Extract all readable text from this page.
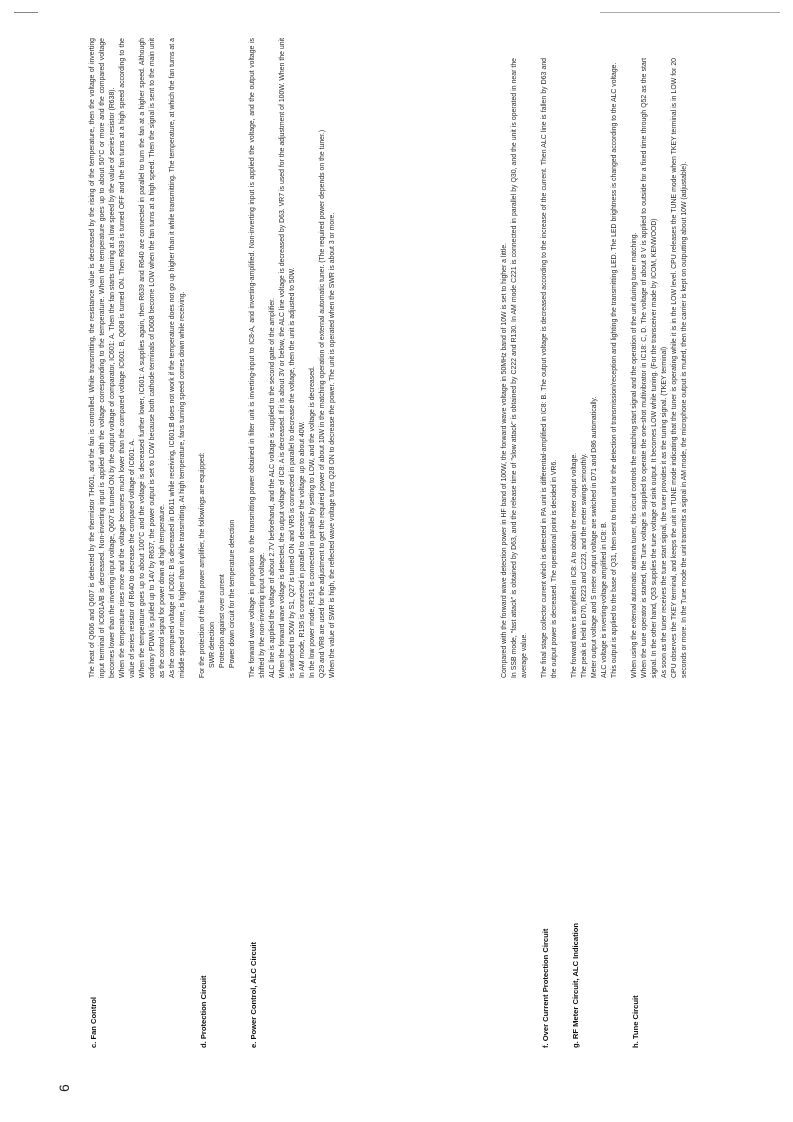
6
c. Fan Control

The heat of Q606 and Q607 is detected by the thermistor TH601, and the fan is controlled. While transmitting, the resistance value is decreased by the rising of the temperature, then the voltage of inverting input terminal of IC601A/B is decreased. Non-inverting input is applied with the voltage corresponding to the temperature. When the temperature goes up to about 50°C or more and the compared voltage becomes lower than the inverting input voltage, Q607 is turned ON by the output voltage of comparator, IC601: A. Then the fan starts turning at a low speed by the value of series resistor (R638). When the temperature rises more and the voltage becomes much lower than the compared voltage IC601: B, Q608 is turned ON. Then R639 is turned OFF and the fan turns at a high speed according to the value of series resistor of R640 to decrease the compared voltage of IC601: A. When the temperature goes up to about 100°C and the voltage is decreased further lower, IC601: A supplies again, then R639 and R640 are connected in parallel to turn the fan at a higher speed. Although ordinary PDWN is pulled up to 14V by R637, the power output is set to LOW because both cathode terminals of D608 become LOW when the fan turns at a high speed. Then the signal is sent to the main unit as the control signal for power down at high temperature. As the compared voltage of IC601: B is decreased in D611 while receiving, IC601:B does not work if the temperature does not go up higher than it while transmitting. The temperature, at which the fan turns at a middle speed or more, is higher than it while transmitting. At high temperature, fans turning speed comes down while receiving.

d. Protection Circuit

For the protection of the final power amplifier, the followings are equipped: SWR detection Protection against over current Power down circuit for the temperature detection
e. Power Control, ALC Circuit

The forward wave voltage in proportion to the transmitting power obtained in filter unit is inverting-input to IC8-A, and inverting-amplified. Non-inverting input is applied the voltage, and the output voltage is shifted by the non-inverting input voltage. ALC line is applied the voltage of about 2.7V beforehand, and the ALC voltage is supplied to the second gate of the amplifier. When the forward wave voltage is detected, the output voltage of IC8: A is decreased. If it is about 3V or below, the ALC line voltage is decreased by D63. VR7 is used for the adjustment of 100W. When the unit is switched to 50W by S1, Q27 is turned ON and VR5 is connected in parallel to decrease the voltage, then the unit is adjusted to 50W. In AM mode, R195 is connected in parallel to decrease the voltage up to about 40W. In the low power mode, R191 is connected in parallel by setting to LOW, and the voltage is decreased. Q29 and VR8 are used for the adjustment to get the required power of about 10W in the matching operation of external automatic tuner. (The required power depends on the tuner.) When the value of SWR is high, the reflected wave voltage turns Q28 ON to decrease the power. The unit is operated when the SWR is about 3 or more.	Compared with the forward wave detection power in HF band of 100W, the forward wave voltage in 50MHz band of 10W is set to higher a little. In SSB mode, "fast attack" is obtained by D63, and the release time of "slow attack" is obtained by C222 and R130. In AM mode C221 is connected in parallel by Q30, and the unit is operated in near the average value.

f. Over Current Protection Circuit

The final stage collector current which is detected in PA unit is differential-amplified in IC8: B. The output voltage is decreased according to the increase of the current. Then ALC line is fallen by D63 and the output power is decreased. The operational point is decided in VR6.

g. RF Meter Circuit, ALC Indication

The forward wave is amplified in IC8: A to obtain the meter output voltage. The peak is held in D70, R223 and C223, and the meter swings smoothly. Meter output voltage and S meter output voltage are switched in D71 and D86 automatically. ALC voltage is inverting-voltage amplified in IC8: B. This output is applied to the base of Q31, then sent to front unit for the detection of transmission/reception and lighting the transmitting LED. The LED brightness is changed according to the ALC voltage.

h. Tune Circuit

When using the external automatic antenna tuner, this circuit controls the matching start signal and the operation of the unit during tuner matching. When the tune operator is started, the Tune voltage is supplied to operate the one-shot multivibrator in IC18: C, D. The voltage of about 8 V is applied to outside for a fixed time through Q52 as the start signal. In the other hand, Q53 supplies the tune voltage of sink output. It becomes LOW while tuning. (For the transceiver made by ICOM, KENWOOD) As soon as the tuner receives the tune start signal, the tuner provides it as the tuning signal. (TKEY terminal) CPU observes the TKEY terminal, and keeps the unit in TUNE mode indicating that the tuner is operating while it is in the LOW level. CPU releases the TUNE mode when TKEY terminal is in LOW for 20 seconds or more. In the Tune mode the unit transmits a signal in AM mode, the microphone output is muted, then the carrier is kept on outputting about 10W (adjustable).
